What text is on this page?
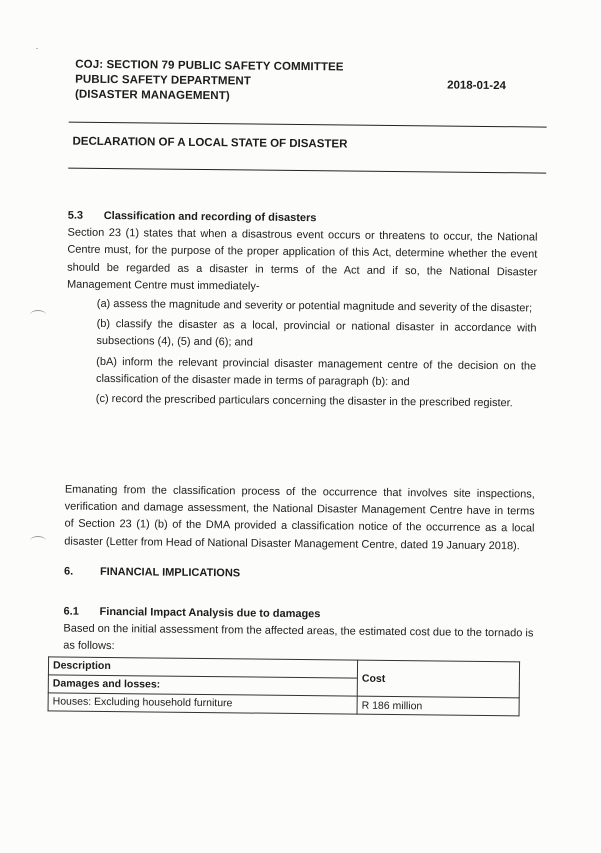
COJ: SECTION 79 PUBLIC SAFETY COMMITTEE
PUBLIC SAFETY DEPARTMENT
(DISASTER MANAGEMENT)
2018-01-24
DECLARATION OF A LOCAL STATE OF DISASTER
5.3 Classification and recording of disasters

Section 23 (1) states that when a disastrous event occurs or threatens to occur, the National Centre must, for the purpose of the proper application of this Act, determine whether the event should be regarded as a disaster in terms of the Act and if so, the National Disaster Management Centre must immediately-

(a) assess the magnitude and severity or potential magnitude and severity of the disaster;

(b) classify the disaster as a local, provincial or national disaster in accordance with subsections (4), (5) and (6); and

(bA) inform the relevant provincial disaster management centre of the decision on the classification of the disaster made in terms of paragraph (b): and

(c) record the prescribed particulars concerning the disaster in the prescribed register.

Emanating from the classification process of the occurrence that involves site inspections, verification and damage assessment, the National Disaster Management Centre have in terms of Section 23 (1) (b) of the DMA provided a classification notice of the occurrence as a local disaster (Letter from Head of National Disaster Management Centre, dated 19 January 2018).

6. FINANCIAL IMPLICATIONS
6.1 Financial Impact Analysis due to damages

Based on the initial assessment from the affected areas, the estimated cost due to the tornado is as follows:

Description	Cost
Damages and losses:	
Houses: Excluding household furniture	R 186 million
